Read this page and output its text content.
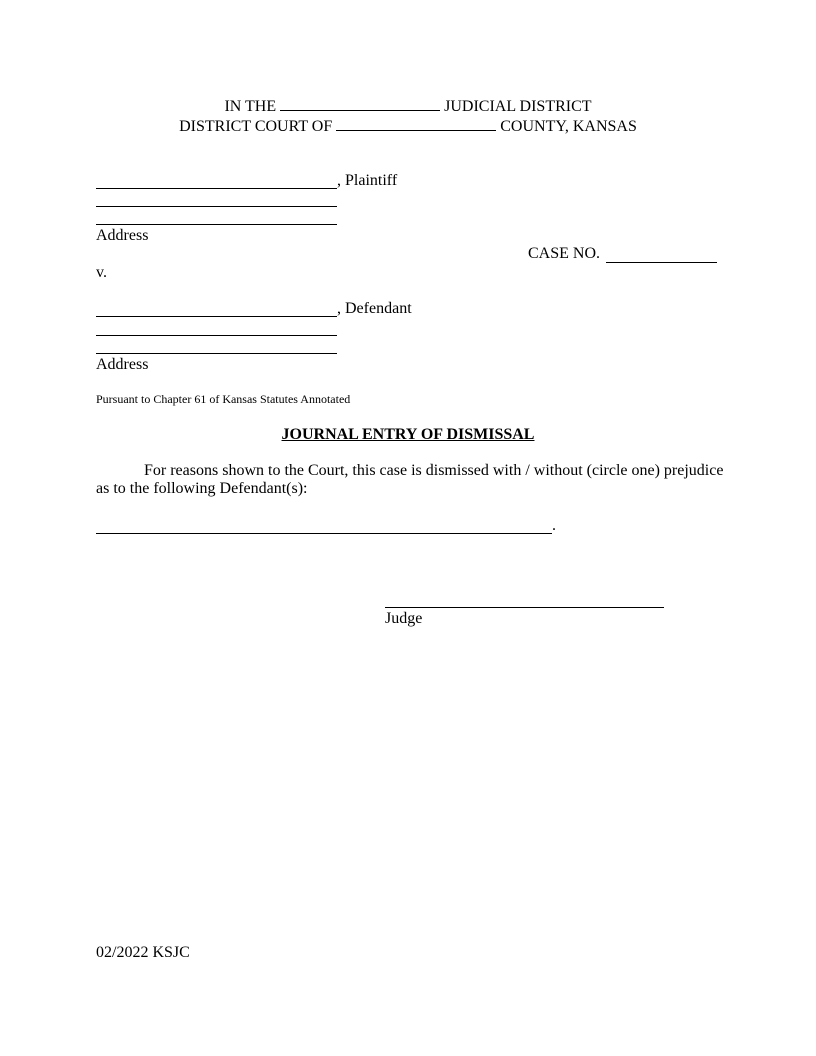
IN THE	JUDICIAL DISTRICT
DISTRICT COURT OF	COUNTY, KANSAS
, Plaintiff
Address
CASE NO.
v.
, Defendant
Address
Pursuant to Chapter 61 of Kansas Statutes Annotated
JOURNAL ENTRY OF DISMISSAL
For reasons shown to the Court, this case is dismissed with / without (circle one) prejudice
as to the following Defendant(s):
.
Judge
02/2022 KSJC
